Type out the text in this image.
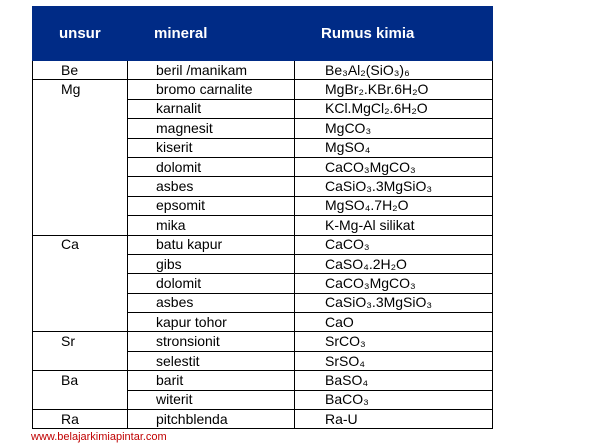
unsur	mineral	Rumus kimia
Be	beril /manikam	Be₃Al₂(SiO₃)₆
Mg	bromo carnalite	MgBr₂.KBr.6H₂O
	karnalit	KCl.MgCl₂.6H₂O
	magnesit	MgCO₃
	kiserit	MgSO₄
	dolomit	CaCO₃MgCO₃
	asbes	CaSiO₃.3MgSiO₃
	epsomit	MgSO₄.7H₂O
	mika	K-Mg-Al silikat
Ca	batu kapur	CaCO₃
	gibs	CaSO₄.2H₂O
	dolomit	CaCO₃MgCO₃
	asbes	CaSiO₃.3MgSiO₃
	kapur tohor	CaO
Sr	stronsionit	SrCO₃
	selestit	SrSO₄
Ba	barit	BaSO₄
	witerit	BaCO₃
Ra	pitchblenda	Ra-U
www.belajarkimiapintar.com
